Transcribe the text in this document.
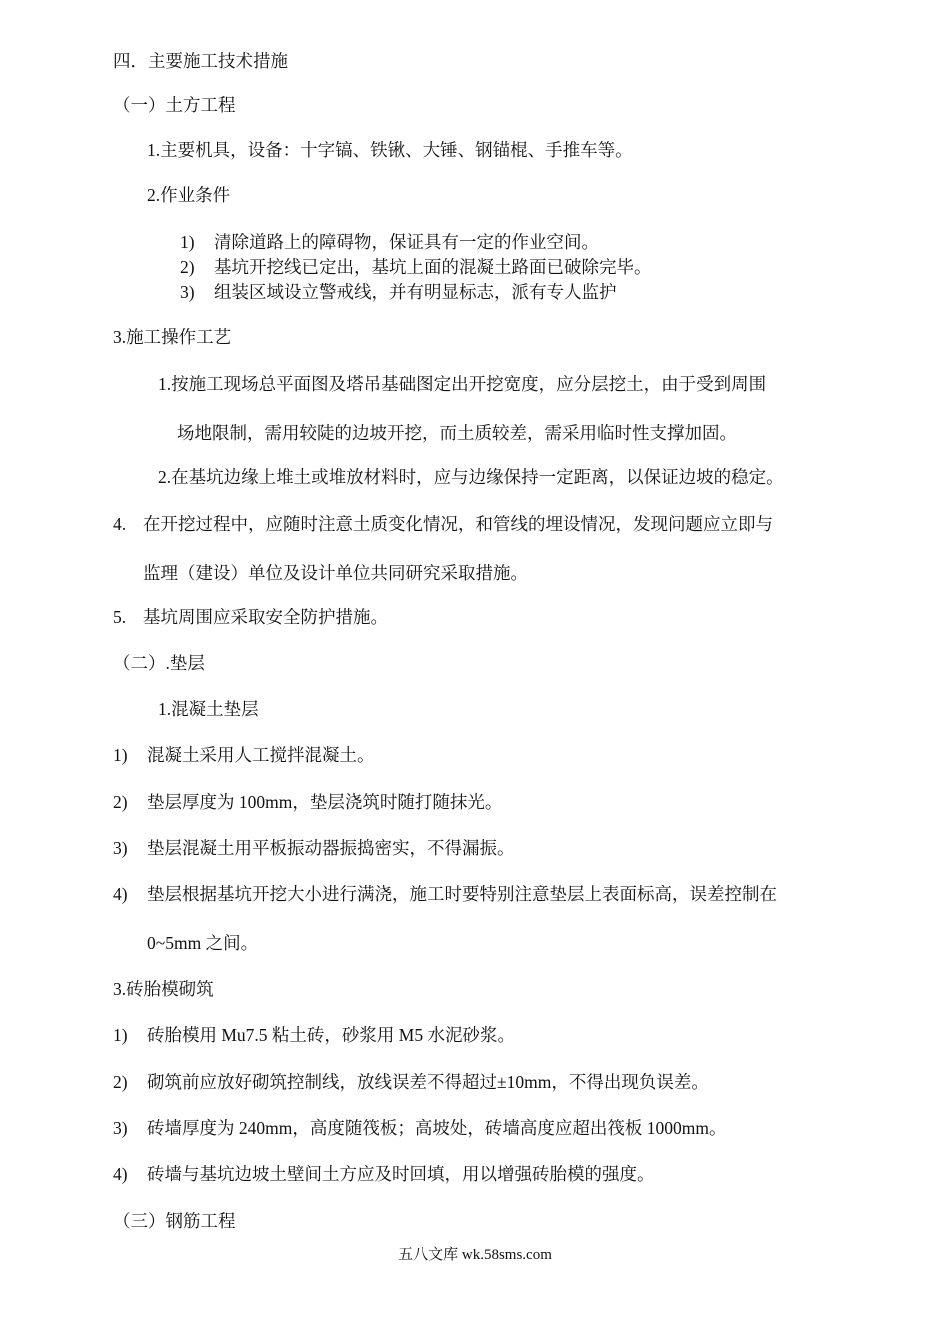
四．主要施工技术措施
（一）土方工程
1.主要机具，设备：十字镐、铁锹、大锤、钢锚棍、手推车等。
2.作业条件
1) 清除道路上的障碍物，保证具有一定的作业空间。
2) 基坑开挖线已定出，基坑上面的混凝土路面已破除完毕。
3) 组装区域设立警戒线，并有明显标志，派有专人监护
3.施工操作工艺
1.按施工现场总平面图及塔吊基础图定出开挖宽度，应分层挖土，由于受到周围
场地限制，需用较陡的边坡开挖，而土质较差，需采用临时性支撑加固。
2.在基坑边缘上堆土或堆放材料时，应与边缘保持一定距离，以保证边坡的稳定。
4. 在开挖过程中，应随时注意土质变化情况，和管线的埋设情况，发现问题应立即与
监理（建设）单位及设计单位共同研究采取措施。
5. 基坑周围应采取安全防护措施。
（二）.垫层
1.混凝土垫层
1) 混凝土采用人工搅拌混凝土。
2) 垫层厚度为 100mm，垫层浇筑时随打随抹光。
3) 垫层混凝土用平板振动器振捣密实，不得漏振。
4) 垫层根据基坑开挖大小进行满浇，施工时要特别注意垫层上表面标高，误差控制在
0~5mm 之间。
3.砖胎模砌筑
1) 砖胎模用 Mu7.5 粘土砖，砂浆用 M5 水泥砂浆。
2) 砌筑前应放好砌筑控制线，放线误差不得超过±10mm，不得出现负误差。
3) 砖墙厚度为 240mm，高度随筏板；高坡处，砖墙高度应超出筏板 1000mm。
4) 砖墙与基坑边坡土壁间土方应及时回填，用以增强砖胎模的强度。
（三）钢筋工程
五八文库 wk.58sms.com
